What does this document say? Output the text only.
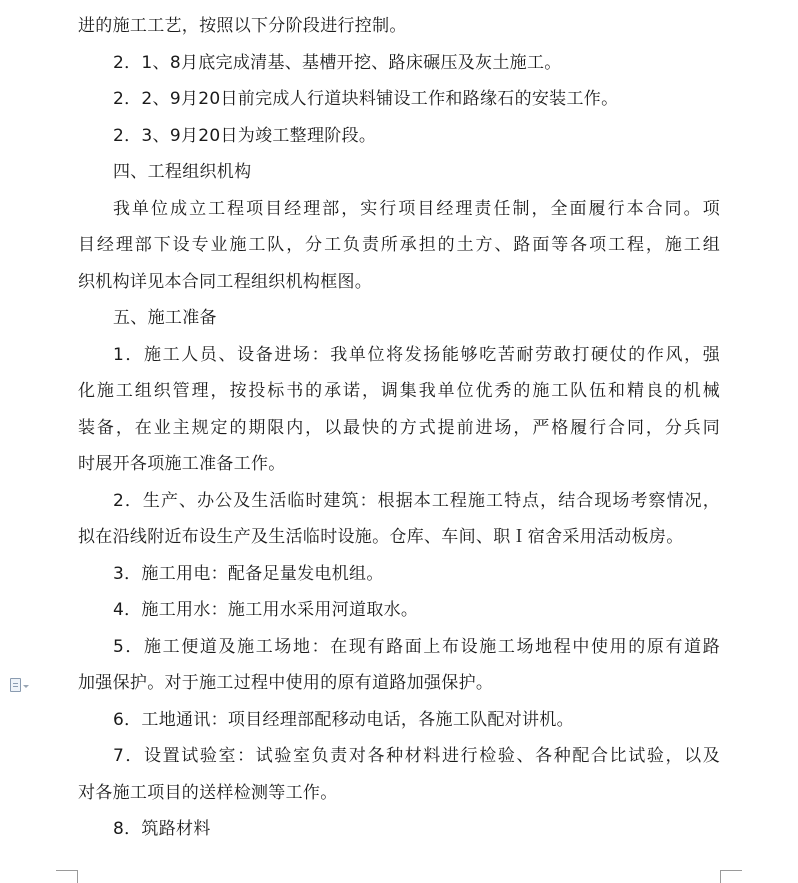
进的施工工艺，按照以下分阶段进行控制。
2．1、8月底完成清基、基槽开挖、路床碾压及灰土施工。
2．2、9月20日前完成人行道块料铺设工作和路缘石的安装工作。
2．3、9月20日为竣工整理阶段。
四、工程组织机构
我单位成立工程项目经理部，实行项目经理责任制，全面履行本合同。项
目经理部下设专业施工队，分工负责所承担的土方、路面等各项工程，施工组
织机构详见本合同工程组织机构框图。
五、施工准备
1．施工人员、设备进场：我单位将发扬能够吃苦耐劳敢打硬仗的作风，强
化施工组织管理，按投标书的承诺，调集我单位优秀的施工队伍和精良的机械
装备，在业主规定的期限内，以最快的方式提前进场，严格履行合同，分兵同
时展开各项施工准备工作。
2．生产、办公及生活临时建筑：根据本工程施工特点，结合现场考察情况，
拟在沿线附近布设生产及生活临时设施。仓库、车间、职Ｉ宿舍采用活动板房。
3．施工用电：配备足量发电机组。
4．施工用水：施工用水采用河道取水。
5．施工便道及施工场地：在现有路面上布设施工场地程中使用的原有道路
加强保护。对于施工过程中使用的原有道路加强保护。
6．工地通讯：项目经理部配移动电话，各施工队配对讲机。
7．设置试验室：试验室负责对各种材料进行检验、各种配合比试验，以及
对各施工项目的送样检测等工作。
8．筑路材料
